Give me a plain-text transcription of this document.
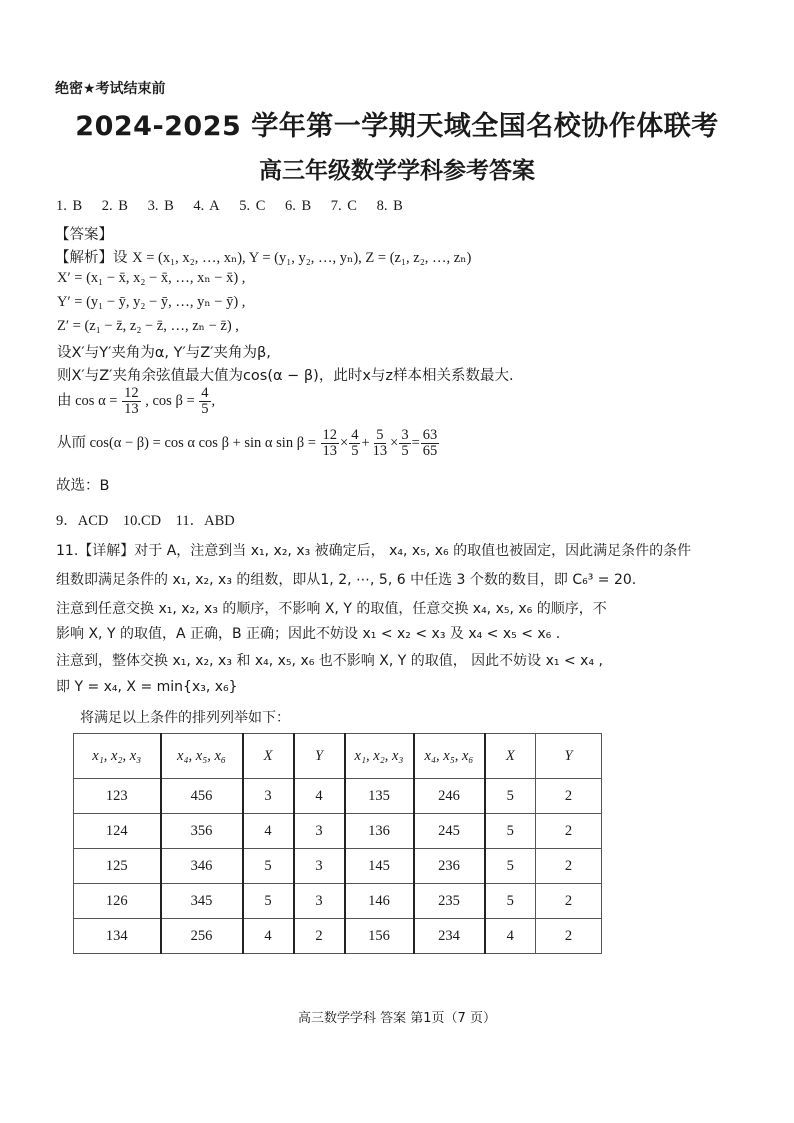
绝密★考试结束前
2024-2025 学年第一学期天域全国名校协作体联考
高三年级数学学科参考答案
1. B 2. B 3. B 4. A 5. C 6. B 7. C 8. B
【答案】
【解析】设 X = (x₁, x₂, …, xₙ), Y = (y₁, y₂, …, yₙ), Z = (z₁, z₂, …, zₙ)
X′ = (x₁ − x̄, x₂ − x̄, …, xₙ − x̄) ,
Y′ = (y₁ − ȳ, y₂ − ȳ, …, yₙ − ȳ) ,
Z′ = (z₁ − z̄, z₂ − z̄, …, zₙ − z̄) ,
设X′与Y′夹角为α, Y′与Z′夹角为β,
则X′与Z′夹角余弦值最大值为cos(α − β)，此时x与z样本相关系数最大.
由 $\cos \alpha = \frac{12}{13}$ , $\cos \beta = \frac{4}{5}$ ,
从而 cos(α − β) = cos α cos β + sin α $\sin \beta = \frac{12}{13} \times \frac{4}{5} + \frac{5}{13} \times \frac{3}{5} = \frac{63}{65}$
故选：B
9．ACD    10.CD    11．ABD
11.【详解】对于 A，注意到当 x₁, x₂, x₃ 被确定后， x₄, x₅, x₆ 的取值也被固定，因此满足条件的条件
组数即满足条件的 x₁, x₂, x₃ 的组数，即从1, 2, ⋯, 5, 6 中任选 3 个数的数目，即 C₆³ = 20.
注意到任意交换 x₁, x₂, x₃ 的顺序，不影响 X, Y 的取值，任意交换 x₄, x₅, x₆ 的顺序，不
影响 X, Y 的取值，A 正确，B 正确；因此不妨设 x₁ < x₂ < x₃ 及 x₄ < x₅ < x₆ .
注意到，整体交换 x₁, x₂, x₃ 和 x₄, x₅, x₆ 也不影响 X, Y 的取值， 因此不妨设 x₁ < x₄ ,
即 Y = x₄, X = min{x₃, x₆}
将满足以上条件的排列列举如下：
x₁, x₂, x₃	x₄, x₅, x₆	X	Y	x₁, x₂, x₃	x₄, x₅, x₆	X	Y
123	456	3	4	135	246	5	2
124	356	4	3	136	245	5	2
125	346	5	3	145	236	5	2
126	345	5	3	146	235	5	2
134	256	4	2	156	234	4	2
高三数学学科 答案 第1页（7 页）
